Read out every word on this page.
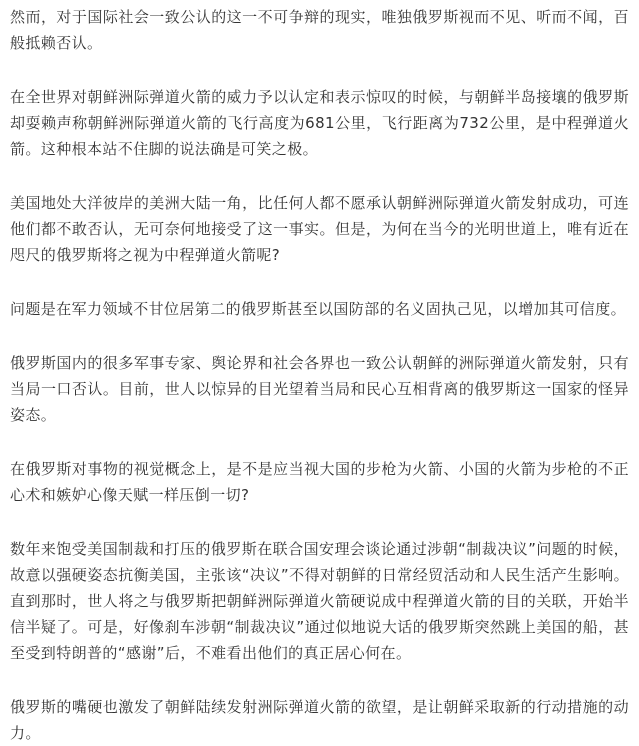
然而，对于国际社会一致公认的这一不可争辩的现实，唯独俄罗斯视而不见、听而不闻，百般抵赖否认。

在全世界对朝鲜洲际弹道火箭的威力予以认定和表示惊叹的时候，与朝鲜半岛接壤的俄罗斯却耍赖声称朝鲜洲际弹道火箭的飞行高度为681公里，飞行距离为732公里，是中程弹道火箭。这种根本站不住脚的说法确是可笑之极。

美国地处大洋彼岸的美洲大陆一角，比任何人都不愿承认朝鲜洲际弹道火箭发射成功，可连他们都不敢否认，无可奈何地接受了这一事实。但是，为何在当今的光明世道上，唯有近在咫尺的俄罗斯将之视为中程弹道火箭呢?

问题是在军力领域不甘位居第二的俄罗斯甚至以国防部的名义固执己见，以增加其可信度。

俄罗斯国内的很多军事专家、舆论界和社会各界也一致公认朝鲜的洲际弹道火箭发射，只有当局一口否认。目前，世人以惊异的目光望着当局和民心互相背离的俄罗斯这一国家的怪异姿态。

在俄罗斯对事物的视觉概念上，是不是应当视大国的步枪为火箭、小国的火箭为步枪的不正心术和嫉妒心像天赋一样压倒一切?

数年来饱受美国制裁和打压的俄罗斯在联合国安理会谈论通过涉朝“制裁决议”问题的时候，故意以强硬姿态抗衡美国，主张该“决议”不得对朝鲜的日常经贸活动和人民生活产生影响。直到那时，世人将之与俄罗斯把朝鲜洲际弹道火箭硬说成中程弹道火箭的目的关联，开始半信半疑了。可是，好像刹车涉朝“制裁决议”通过似地说大话的俄罗斯突然跳上美国的船，甚至受到特朗普的“感谢”后，不难看出他们的真正居心何在。

俄罗斯的嘴硬也激发了朝鲜陆续发射洲际弹道火箭的欲望，是让朝鲜采取新的行动措施的动力。
